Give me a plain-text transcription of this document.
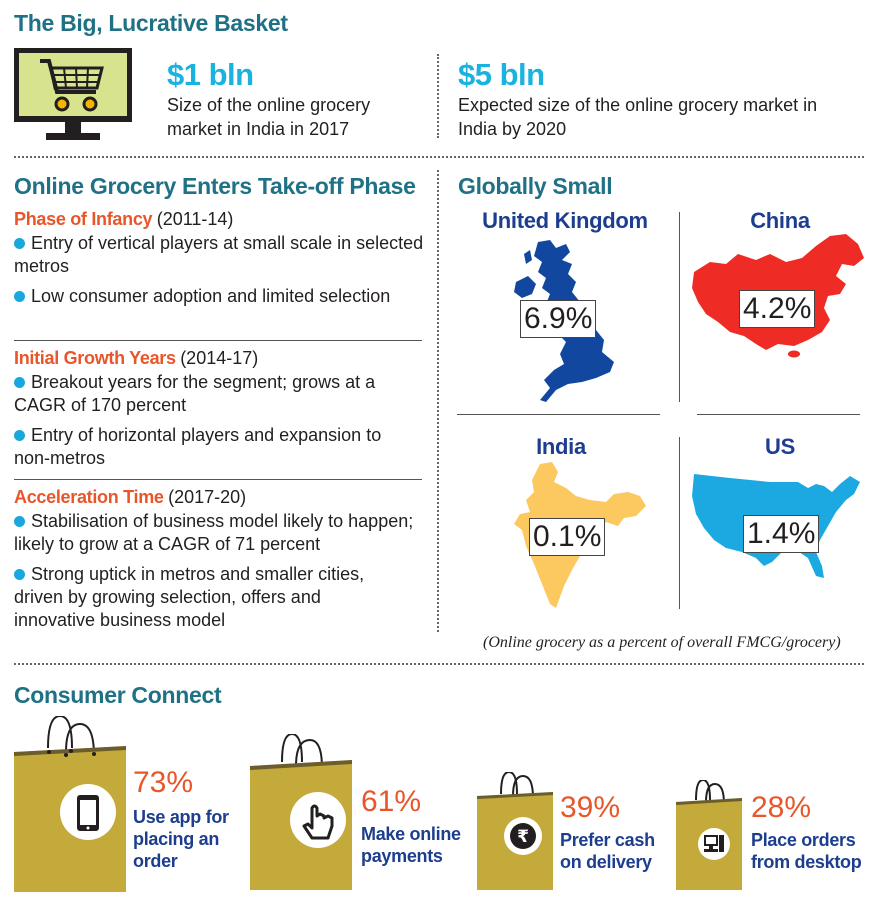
The Big, Lucrative Basket
$1 bln
Size of the online grocery market in India in 2017
$5 bln
Expected size of the online grocery market in India by 2020
Online Grocery Enters Take-off Phase
Phase of Infancy (2011-14)
Entry of vertical players at small scale in selected metros
Low consumer adoption and limited selection
Initial Growth Years (2014-17)
Breakout years for the segment; grows at a CAGR of 170 percent
Entry of horizontal players and expansion to non-metros
Acceleration Time (2017-20)
Stabilisation of business model likely to happen; likely to grow at a CAGR of 71 percent
Strong uptick in metros and smaller cities, driven by growing selection, offers and innovative business model
Globally Small
United Kingdom
6.9%
China
4.2%
India
0.1%
US
1.4%
(Online grocery as a percent of overall FMCG/grocery)
Consumer Connect
73%
Use app for placing an order
61%
Make online payments
₹
39%
Prefer cash on delivery
28%
Place orders from desktop
